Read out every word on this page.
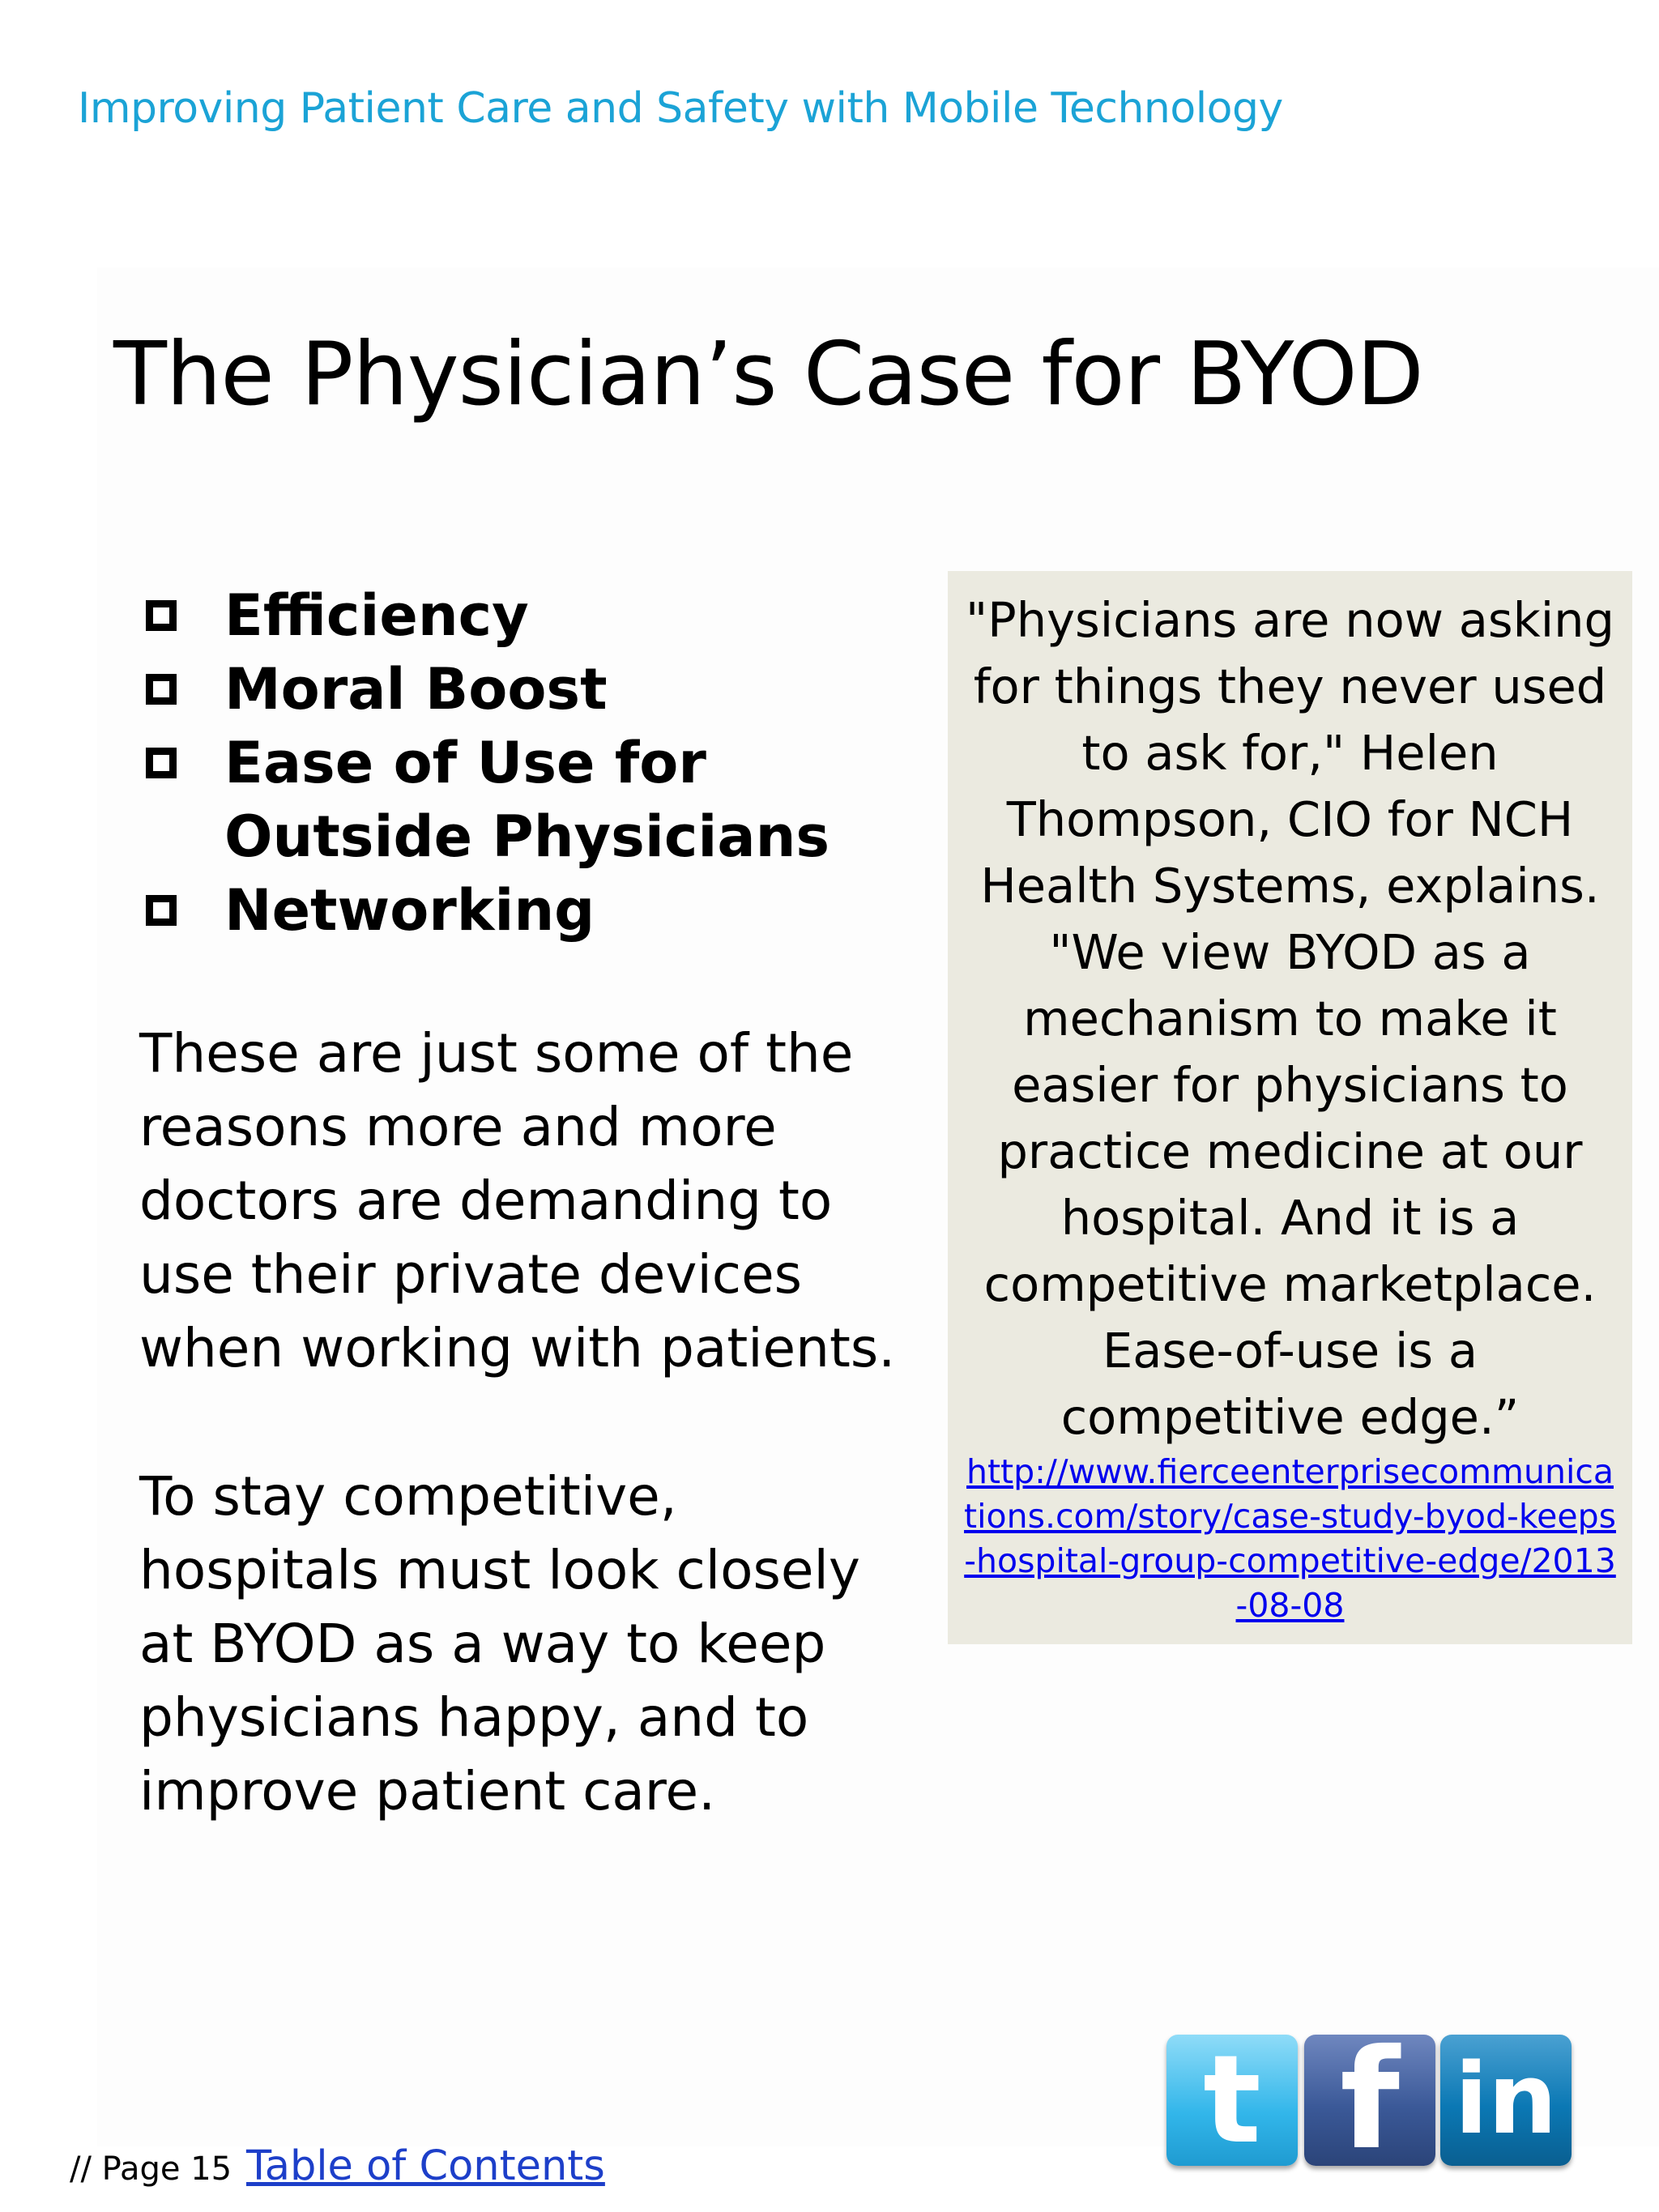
Improving Patient Care and Safety with Mobile Technology
The Physician’s Case for BYOD
Efficiency
Moral Boost
Ease of Use for
Outside Physicians
Networking

These are just some of the reasons more and more doctors are demanding to use their private devices when working with patients.

To stay competitive, hospitals must look closely at BYOD as a way to keep physicians happy, and to improve patient care.

"Physicians are now asking for things they never used to ask for," Helen Thompson, CIO for NCH Health Systems, explains. "We view BYOD as a mechanism to make it easier for physicians to practice medicine at our hospital. And it is a competitive marketplace. Ease-of-use is a competitive edge.”
http://www.fierceenterprisecommunications.com/story/case-study-byod-keeps-hospital-group-competitive-edge/2013-08-08
// Page 15 Table of Contents	t f in
